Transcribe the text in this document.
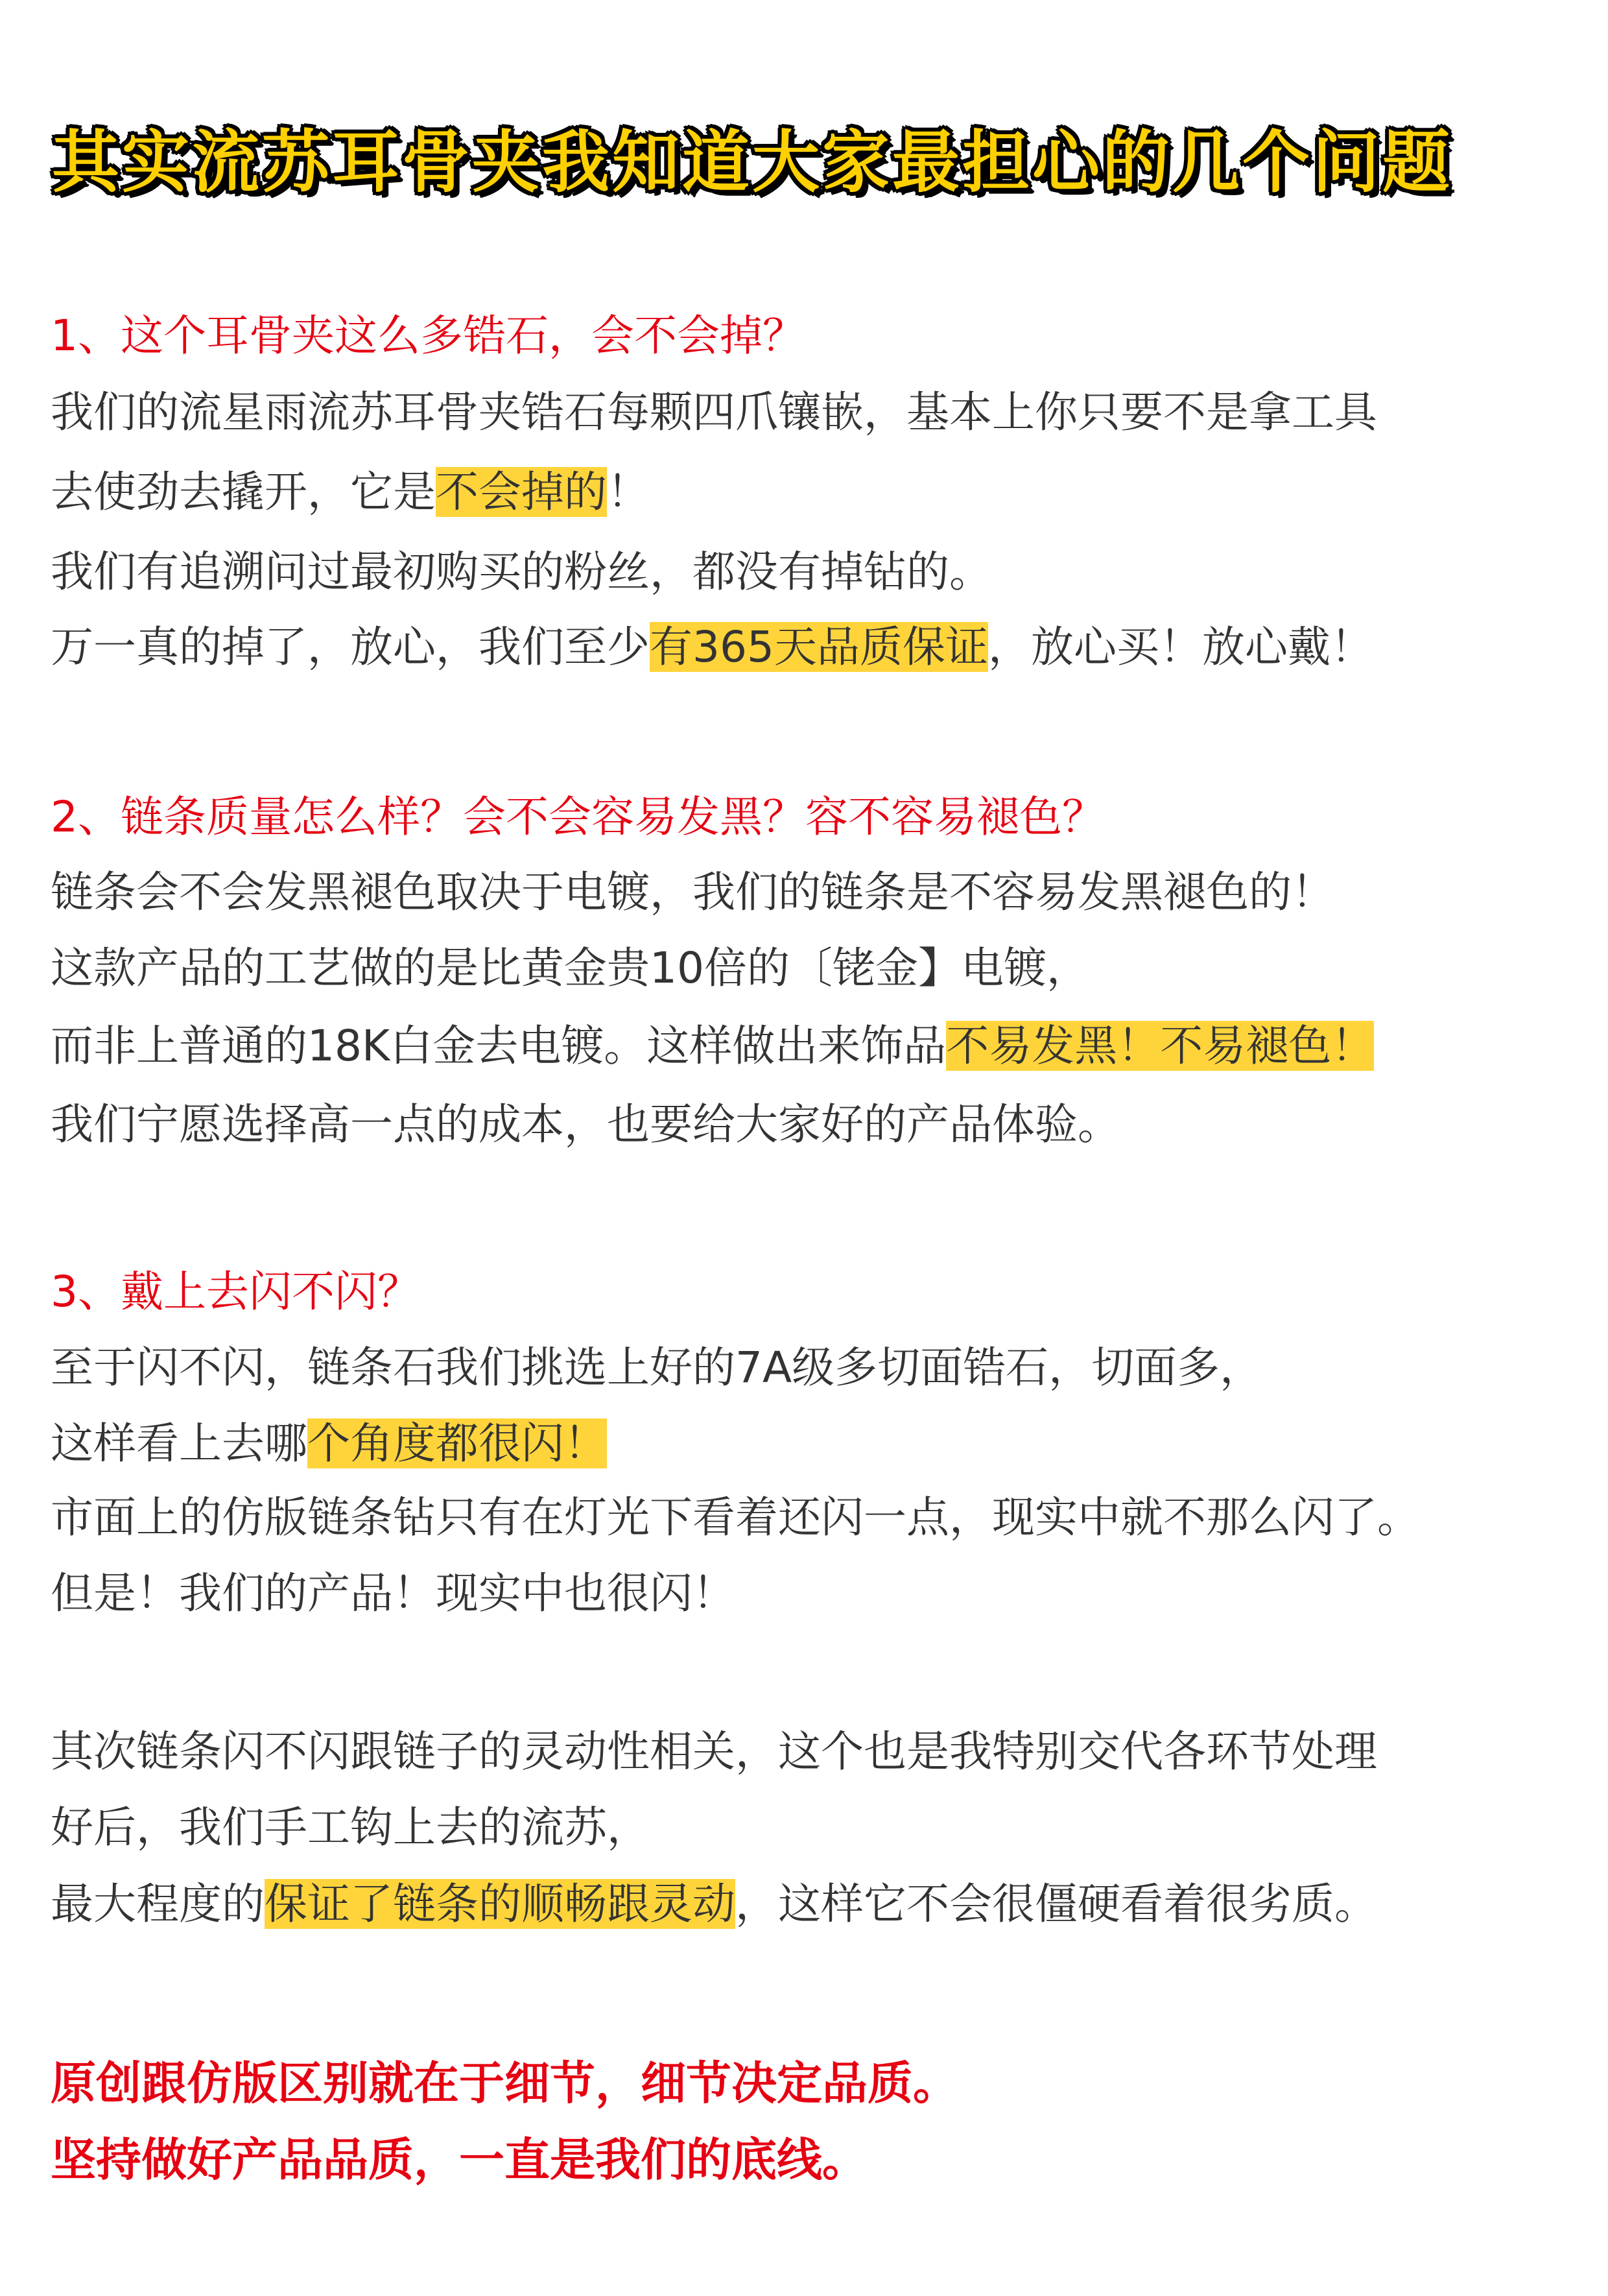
其实流苏耳骨夹我知道大家最担心的几个问题

1、这个耳骨夹这么多锆石，会不会掉？

我们的流星雨流苏耳骨夹锆石每颗四爪镶嵌，基本上你只要不是拿工具

去使劲去撬开，它是不会掉的！

我们有追溯问过最初购买的粉丝，都没有掉钻的。

万一真的掉了，放心，我们至少有365天品质保证，放心买！放心戴！

2、链条质量怎么样？会不会容易发黑？容不容易褪色？

链条会不会发黑褪色取决于电镀，我们的链条是不容易发黑褪色的！

这款产品的工艺做的是比黄金贵10倍的〔铑金】电镀，

而非上普通的18K白金去电镀。这样做出来饰品不易发黑！不易褪色！

我们宁愿选择高一点的成本，也要给大家好的产品体验。

3、戴上去闪不闪？

至于闪不闪，链条石我们挑选上好的7A级多切面锆石，切面多，

这样看上去哪个角度都很闪！

市面上的仿版链条钻只有在灯光下看着还闪一点，现实中就不那么闪了。

但是！我们的产品！现实中也很闪！

其次链条闪不闪跟链子的灵动性相关，这个也是我特别交代各环节处理

好后，我们手工钩上去的流苏，

最大程度的保证了链条的顺畅跟灵动，这样它不会很僵硬看着很劣质。

原创跟仿版区别就在于细节，细节决定品质。

坚持做好产品品质，一直是我们的底线。
